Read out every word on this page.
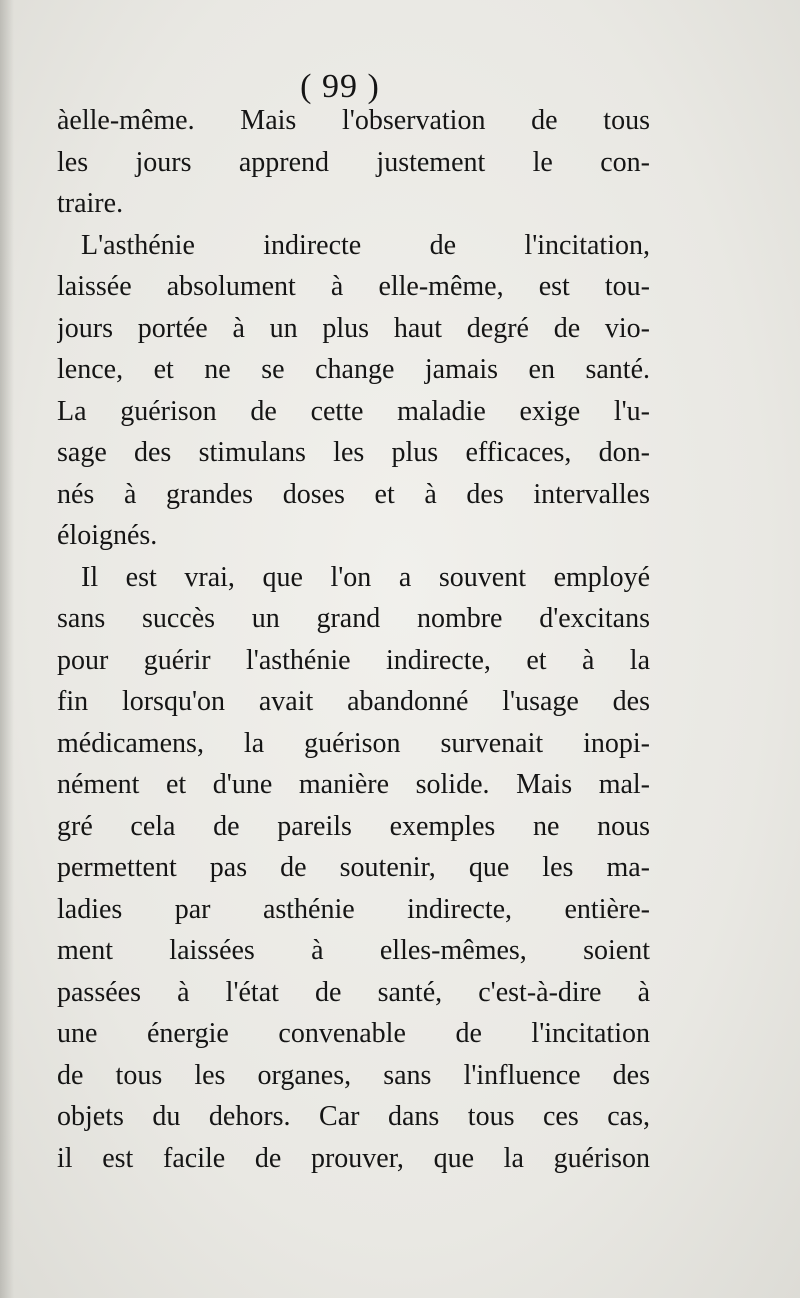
( 99 )
àelle-même. Mais l'observation de tous
les jours apprend justement le con-
traire.
L'asthénie indirecte de l'incitation,
laissée absolument à elle-même, est tou-
jours portée à un plus haut degré de vio-
lence, et ne se change jamais en santé.
La guérison de cette maladie exige l'u-
sage des stimulans les plus efficaces, don-
nés à grandes doses et à des intervalles
éloignés.
Il est vrai, que l'on a souvent employé
sans succès un grand nombre d'excitans
pour guérir l'asthénie indirecte, et à la
fin lorsqu'on avait abandonné l'usage des
médicamens, la guérison survenait inopi-
nément et d'une manière solide. Mais mal-
gré cela de pareils exemples ne nous
permettent pas de soutenir, que les ma-
ladies par asthénie indirecte, entière-
ment laissées à elles-mêmes, soient
passées à l'état de santé, c'est-à-dire à
une énergie convenable de l'incitation
de tous les organes, sans l'influence des
objets du dehors. Car dans tous ces cas,
il est facile de prouver, que la guérison
